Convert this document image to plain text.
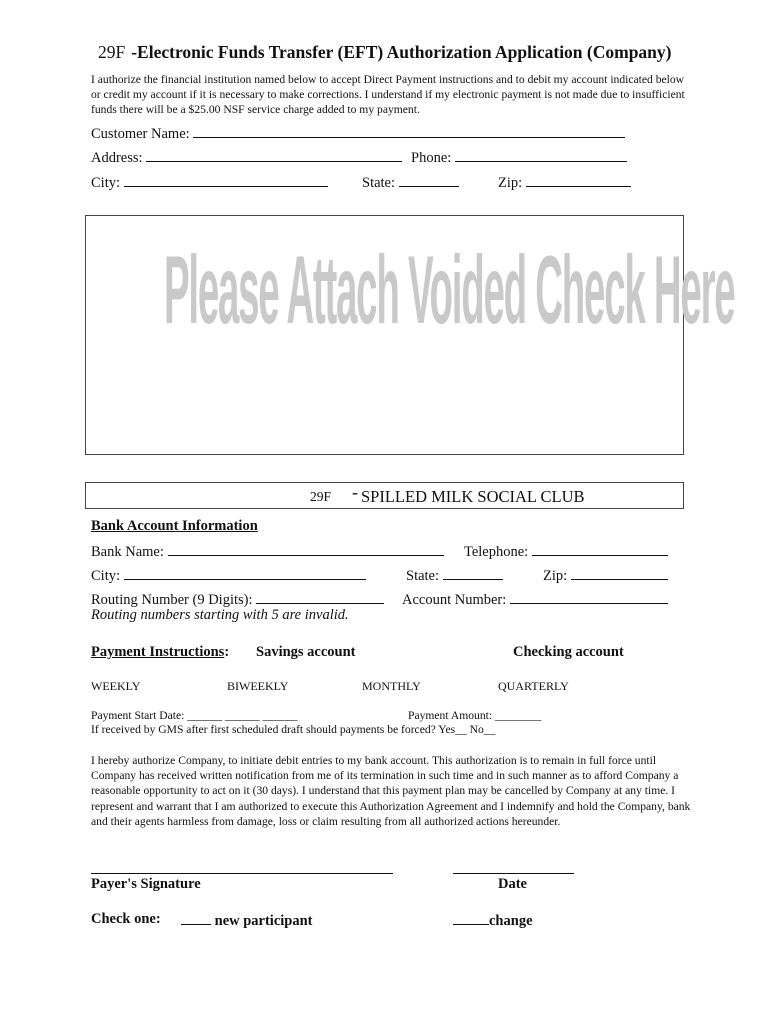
29F -Electronic Funds Transfer (EFT) Authorization Application (Company)
I authorize the financial institution named below to accept Direct Payment instructions and to debit my account indicated below or credit my account if it is necessary to make corrections. I understand if my electronic payment is not made due to insufficient funds there will be a $25.00 NSF service charge added to my payment.
Customer Name:
Address:	Phone:
City:	State:	Zip:
Please Attach Voided Check Here
29F - SPILLED MILK SOCIAL CLUB
Bank Account Information
Bank Name:	Telephone:
City:	State:	Zip:
Routing Number (9 Digits):	Account Number:
Routing numbers starting with 5 are invalid.
Payment Instructions: Savings account	Checking account
WEEKLY	BIWEEKLY	MONTHLY	QUARTERLY
Payment Start Date: ______ ______ ______	Payment Amount: ________
If received by GMS after first scheduled draft should payments be forced? Yes__ No__
I hereby authorize Company, to initiate debit entries to my bank account. This authorization is to remain in full force until Company has received written notification from me of its termination in such time and in such manner as to afford Company a reasonable opportunity to act on it (30 days). I understand that this payment plan may be cancelled by Company at any time. I represent and warrant that I am authorized to execute this Authorization Agreement and I indemnify and hold the Company, bank and their agents harmless from damage, loss or claim resulting from all authorized actions hereunder.
Payer's Signature	Date
Check one:	new participant	change
